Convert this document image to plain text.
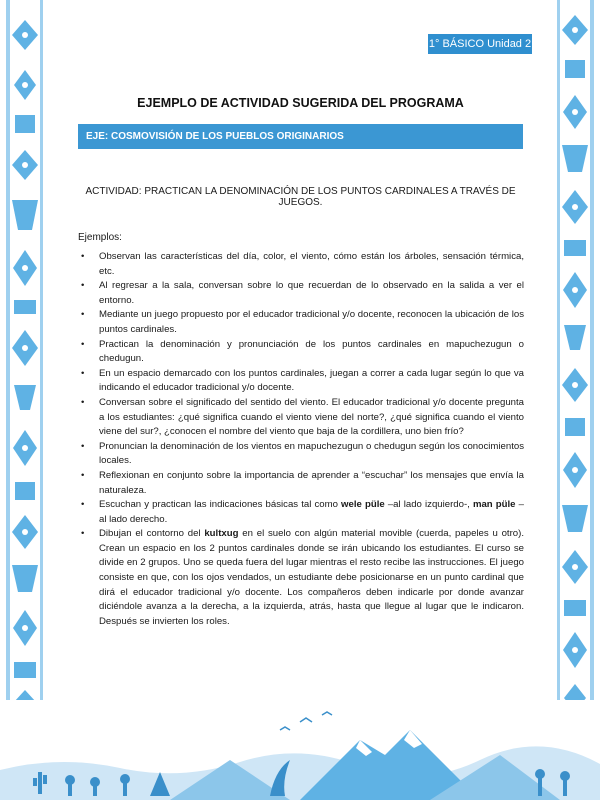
1° BÁSICO Unidad 2
EJEMPLO DE ACTIVIDAD SUGERIDA DEL PROGRAMA
EJE: COSMOVISIÓN DE LOS PUEBLOS ORIGINARIOS
ACTIVIDAD: PRACTICAN LA DENOMINACIÓN DE LOS PUNTOS CARDINALES A TRAVÉS DE JUEGOS.
Ejemplos:
• Observan las características del día, color, el viento, cómo están los árboles, sensación térmica, etc.
• Al regresar a la sala, conversan sobre lo que recuerdan de lo observado en la salida a ver el entorno.
• Mediante un juego propuesto por el educador tradicional y/o docente, reconocen la ubicación de los puntos cardinales.
• Practican la denominación y pronunciación de los puntos cardinales en mapuchezugun o chedugun.
• En un espacio demarcado con los puntos cardinales, juegan a correr a cada lugar según lo que va indicando el educador tradicional y/o docente.
• Conversan sobre el significado del sentido del viento. El educador tradicional y/o docente pregunta a los estudiantes: ¿qué significa cuando el viento viene del norte?, ¿qué significa cuando el viento viene del sur?, ¿conocen el nombre del viento que baja de la cordillera, uno bien frío?
• Pronuncian la denominación de los vientos en mapuchezugun o chedugun según los conocimientos locales.
• Reflexionan en conjunto sobre la importancia de aprender a “escuchar” los mensajes que envía la naturaleza.
• Escuchan y practican las indicaciones básicas tal como wele püle –al lado izquierdo-, man püle – al lado derecho.
• Dibujan el contorno del kultxug en el suelo con algún material movible (cuerda, papeles u otro). Crean un espacio en los 2 puntos cardinales donde se irán ubicando los estudiantes. El curso se divide en 2 grupos. Uno se queda fuera del lugar mientras el resto recibe las instrucciones. El juego consiste en que, con los ojos vendados, un estudiante debe posicionarse en un punto cardinal que dirá el educador tradicional y/o docente. Los compañeros deben indicarle por donde avanzar diciéndole avanza a la derecha, a la izquierda, atrás, hasta que llegue al lugar que le indicaron. Después se invierten los roles.
